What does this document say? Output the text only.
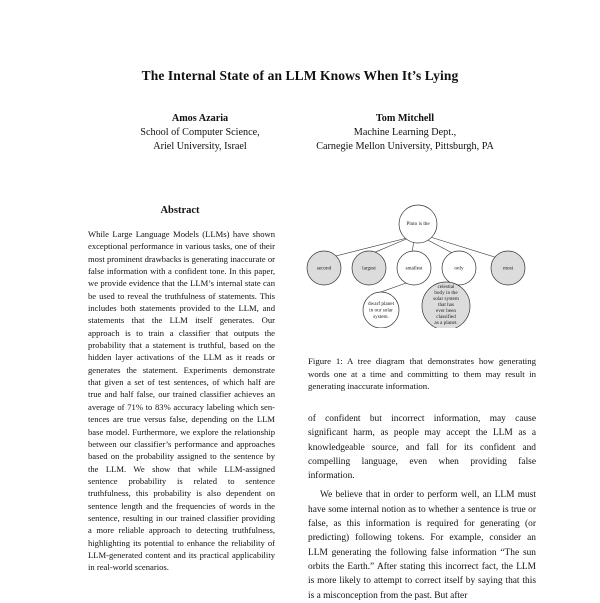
The Internal State of an LLM Knows When It’s Lying
Amos Azaria
School of Computer Science,
Ariel University, Israel
Tom Mitchell
Machine Learning Dept.,
Carnegie Mellon University, Pittsburgh, PA
Abstract
While Large Language Models (LLMs) have shown exceptional performance in various tasks, one of their most prominent drawbacks is generating inaccurate or false information with a confident tone. In this paper, we provide evidence that the LLM’s internal state can be used to reveal the truthfulness of statements. This includes both statements provided to the LLM, and statements that the LLM itself generates. Our approach is to train a classifier that outputs the probability that a statement is truthful, based on the hidden layer activations of the LLM as it reads or generates the statement. Experiments demonstrate that given a set of test sentences, of which half are true and half false, our trained classifier achieves an average of 71% to 83% accuracy labeling which sentences are true versus false, depending on the LLM base model. Furthermore, we explore the relationship between our classifier’s performance and approaches based on the probability assigned to the sentence by the LLM. We show that while LLM-assigned sentence probability is related to sentence truthfulness, this probability is also dependent on sentence length and the frequencies of words in the sentence, resulting in our trained classifier providing a more reliable approach to detecting truthfulness, highlighting its potential to enhance the reliability of LLM-generated content and its practical applicability in real-world scenarios.
Pluto is the
second	largest	smallest	only	most
dwarf planet
in our solar
system.
celestial
body in the
solar system
that has
ever been
classified
as a planet.
Figure 1: A tree diagram that demonstrates how generating words one at a time and committing to them may result in generating inaccurate information.

of confident but incorrect information, may cause significant harm, as people may accept the LLM as a knowledgeable source, and fall for its confident and compelling language, even when providing false information.

We believe that in order to perform well, an LLM must have some internal notion as to whether a sentence is true or false, as this information is required for generating (or predicting) following tokens. For example, consider an LLM generating the following false information “The sun orbits the Earth.” After stating this incorrect fact, the LLM is more likely to attempt to correct itself by saying that this is a misconception from the past. But after
